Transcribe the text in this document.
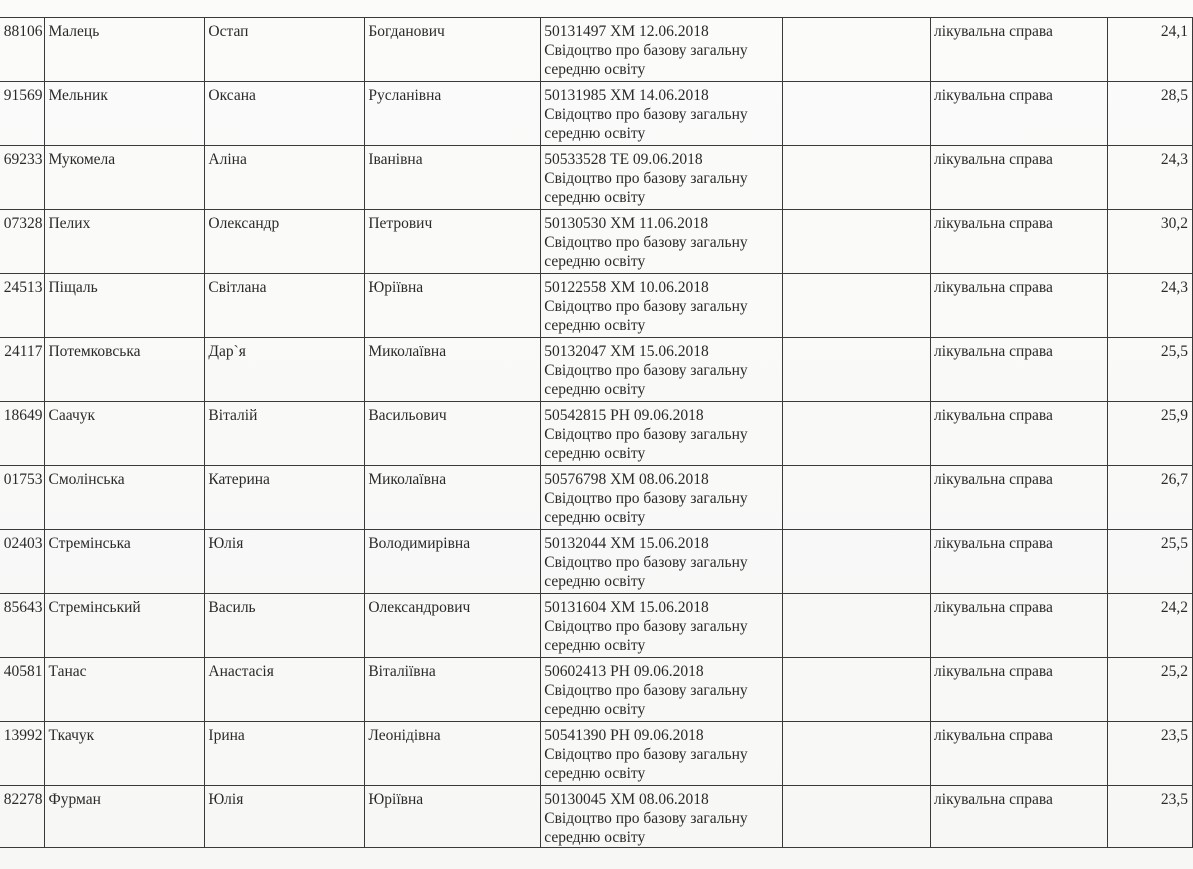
88106	Малець	Остап	Богданович	50131497 ХМ 12.06.2018
Свідоцтво про базову загальну
середню освіту		лікувальна справа	24,1
91569	Мельник	Оксана	Русланівна	50131985 ХМ 14.06.2018
Свідоцтво про базову загальну
середню освіту		лікувальна справа	28,5
69233	Мукомела	Аліна	Іванівна	50533528 ТЕ 09.06.2018
Свідоцтво про базову загальну
середню освіту		лікувальна справа	24,3
07328	Пелих	Олександр	Петрович	50130530 ХМ 11.06.2018
Свідоцтво про базову загальну
середню освіту		лікувальна справа	30,2
24513	Піщаль	Світлана	Юріївна	50122558 ХМ 10.06.2018
Свідоцтво про базову загальну
середню освіту		лікувальна справа	24,3
24117	Потемковська	Дар`я	Миколаївна	50132047 ХМ 15.06.2018
Свідоцтво про базову загальну
середню освіту		лікувальна справа	25,5
18649	Саачук	Віталій	Васильович	50542815 РН 09.06.2018
Свідоцтво про базову загальну
середню освіту		лікувальна справа	25,9
01753	Смолінська	Катерина	Миколаївна	50576798 ХМ 08.06.2018
Свідоцтво про базову загальну
середню освіту		лікувальна справа	26,7
02403	Стремінська	Юлія	Володимирівна	50132044 ХМ 15.06.2018
Свідоцтво про базову загальну
середню освіту		лікувальна справа	25,5
85643	Стремінський	Василь	Олександрович	50131604 ХМ 15.06.2018
Свідоцтво про базову загальну
середню освіту		лікувальна справа	24,2
40581	Танас	Анастасія	Віталіївна	50602413 РН 09.06.2018
Свідоцтво про базову загальну
середню освіту		лікувальна справа	25,2
13992	Ткачук	Ірина	Леонідівна	50541390 РН 09.06.2018
Свідоцтво про базову загальну
середню освіту		лікувальна справа	23,5
82278	Фурман	Юлія	Юріївна	50130045 ХМ 08.06.2018
Свідоцтво про базову загальну
середню освіту		лікувальна справа	23,5
